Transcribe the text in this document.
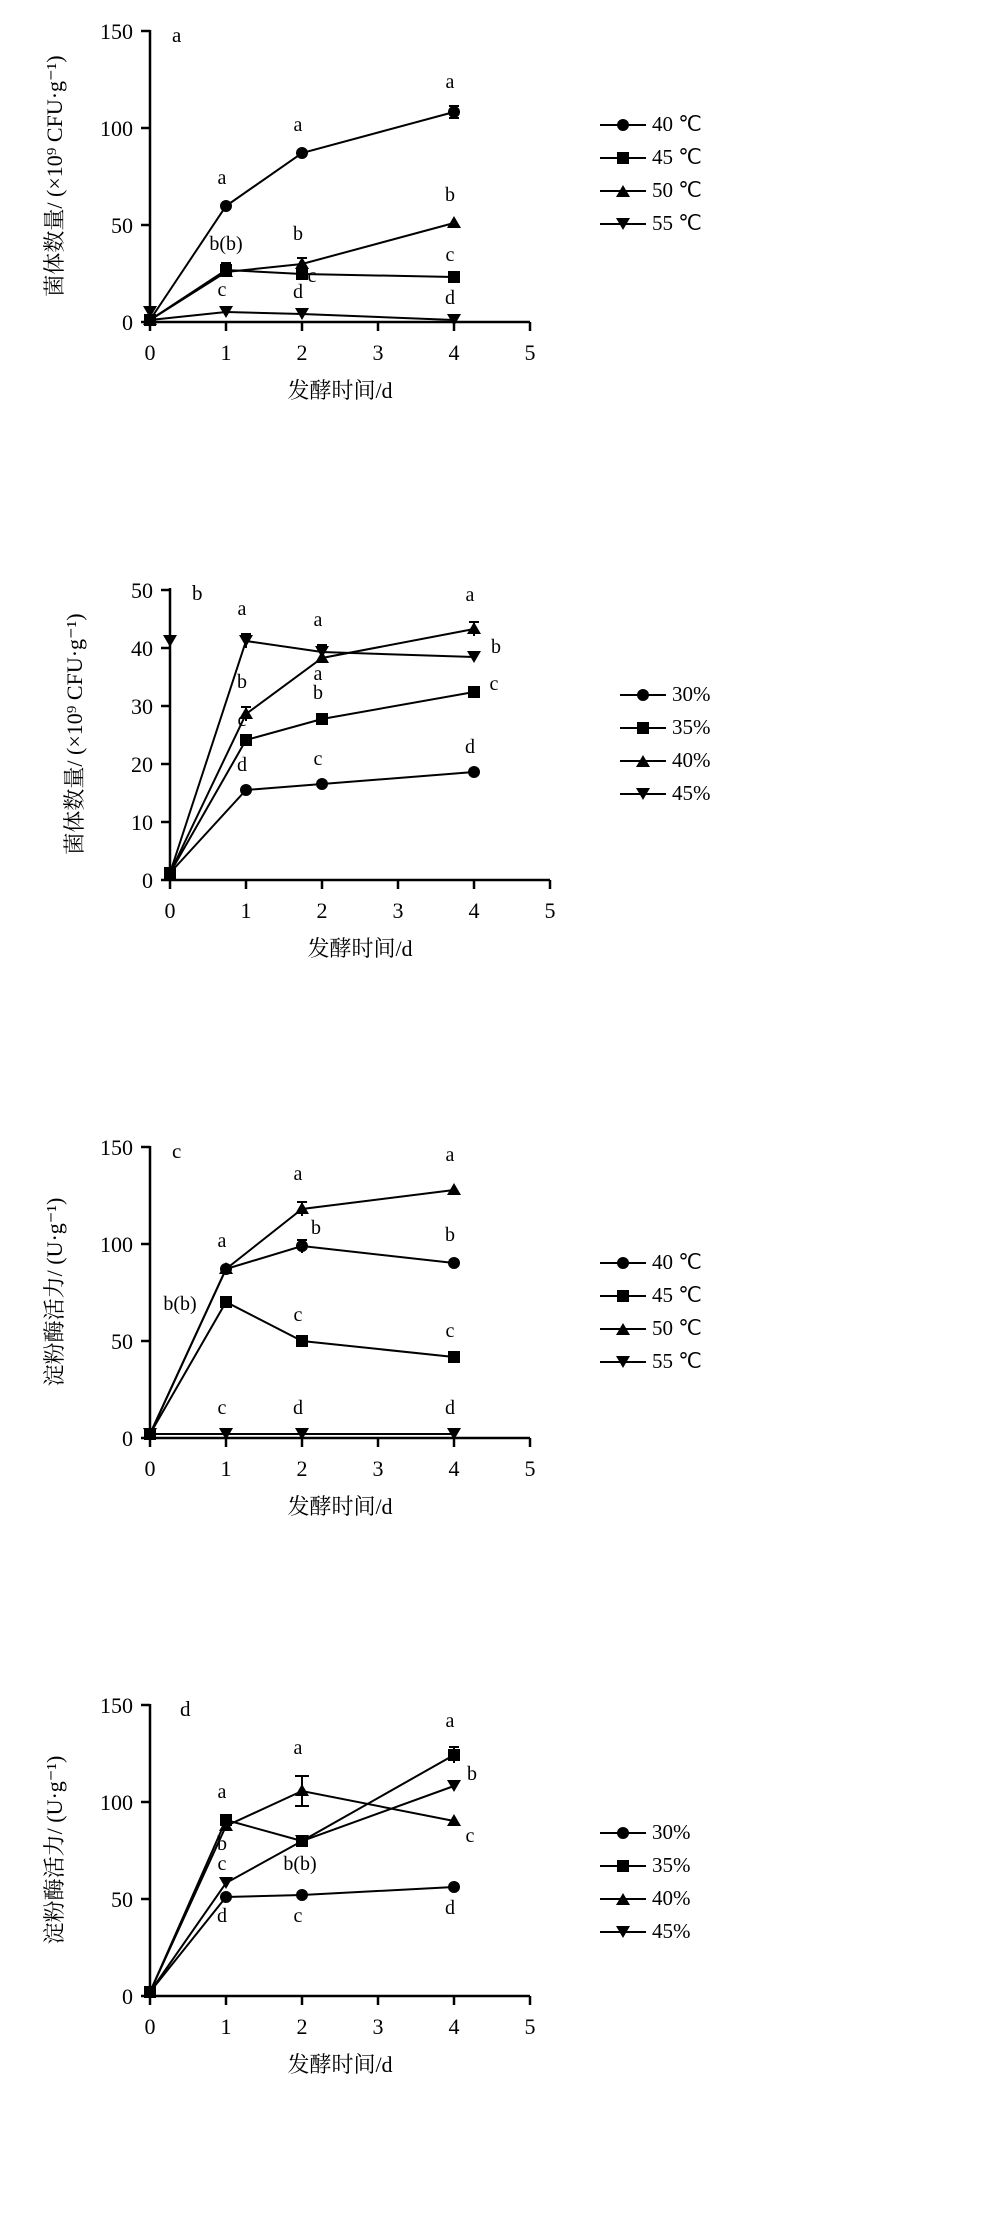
0	1	2	3	4	5
0
50
100
150
发酵时间/d
菌体数量/ (×10⁹ CFU·g⁻¹)
a
a
a
a
b(b)	b
c
b
c
c	d	d
40 ℃
45 ℃
50 ℃
55 ℃
0	1	2	3	4	5
0
10
20
30
40
50
发酵时间/d
菌体数量/ (×10⁹ CFU·g⁻¹)
b
a	a
a
b
c
b
a
b
c
d	c
d
30%
35%
40%
45%
0	1	2	3	4	5
0
50
100
150
发酵时间/d
淀粉酶活力/ (U·g⁻¹)
c
a
b(b)
a
b
c
a
b
c
c	d	d
40 ℃
45 ℃
50 ℃
55 ℃
0	1	2	3	4	5
0
50
100
150
发酵时间/d
淀粉酶活力/ (U·g⁻¹)
d
a
b
c
d
a
b(b)
c
a
b
c
d
30%
35%
40%
45%
